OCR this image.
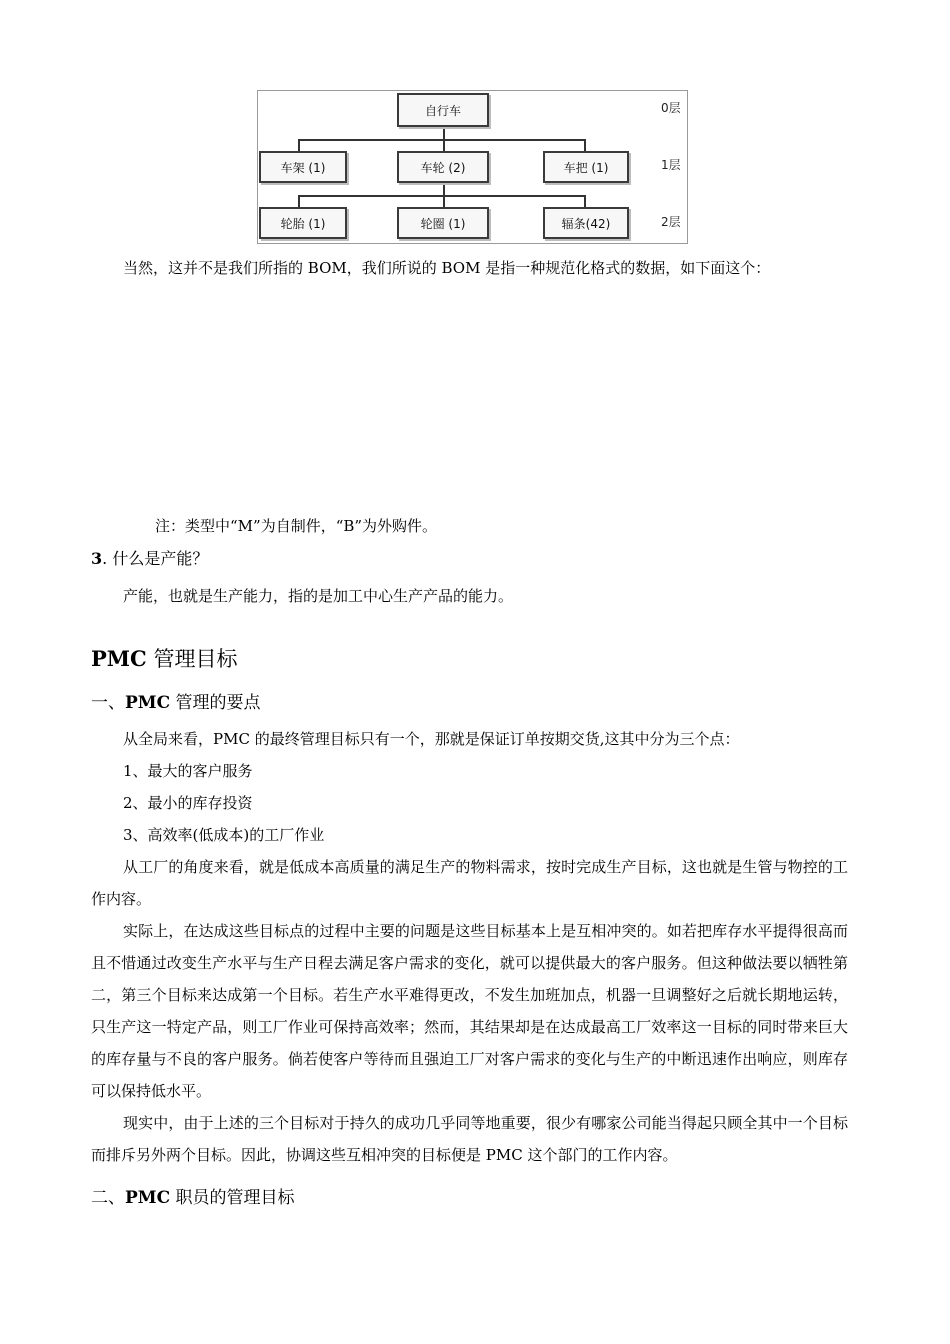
自行车
车架 (1)	车轮 (2)	车把 (1)
轮胎 (1)	轮圈 (1)	辐条(42)
0层
1层
2层
当然，这并不是我们所指的 BOM，我们所说的 BOM 是指一种规范化格式的数据，如下面这个：
注：类型中“M”为自制件，“B”为外购件。
3. 什么是产能？
产能，也就是生产能力，指的是加工中心生产产品的能力。
PMC 管理目标
一、PMC 管理的要点
从全局来看，PMC 的最终管理目标只有一个，那就是保证订单按期交货,这其中分为三个点：
1、最大的客户服务
2、最小的库存投资
3、高效率(低成本)的工厂作业
从工厂的角度来看，就是低成本高质量的满足生产的物料需求，按时完成生产目标，这也就是生管与物控的工作内容。
实际上，在达成这些目标点的过程中主要的问题是这些目标基本上是互相冲突的。如若把库存水平提得很高而且不惜通过改变生产水平与生产日程去满足客户需求的变化，就可以提供最大的客户服务。但这种做法要以牺牲第二，第三个目标来达成第一个目标。若生产水平难得更改，不发生加班加点，机器一旦调整好之后就长期地运转，只生产这一特定产品，则工厂作业可保持高效率；然而，其结果却是在达成最高工厂效率这一目标的同时带来巨大的库存量与不良的客户服务。倘若使客户等待而且强迫工厂对客户需求的变化与生产的中断迅速作出响应，则库存可以保持低水平。
现实中，由于上述的三个目标对于持久的成功几乎同等地重要，很少有哪家公司能当得起只顾全其中一个目标而排斥另外两个目标。因此，协调这些互相冲突的目标便是 PMC 这个部门的工作内容。
二、PMC 职员的管理目标
